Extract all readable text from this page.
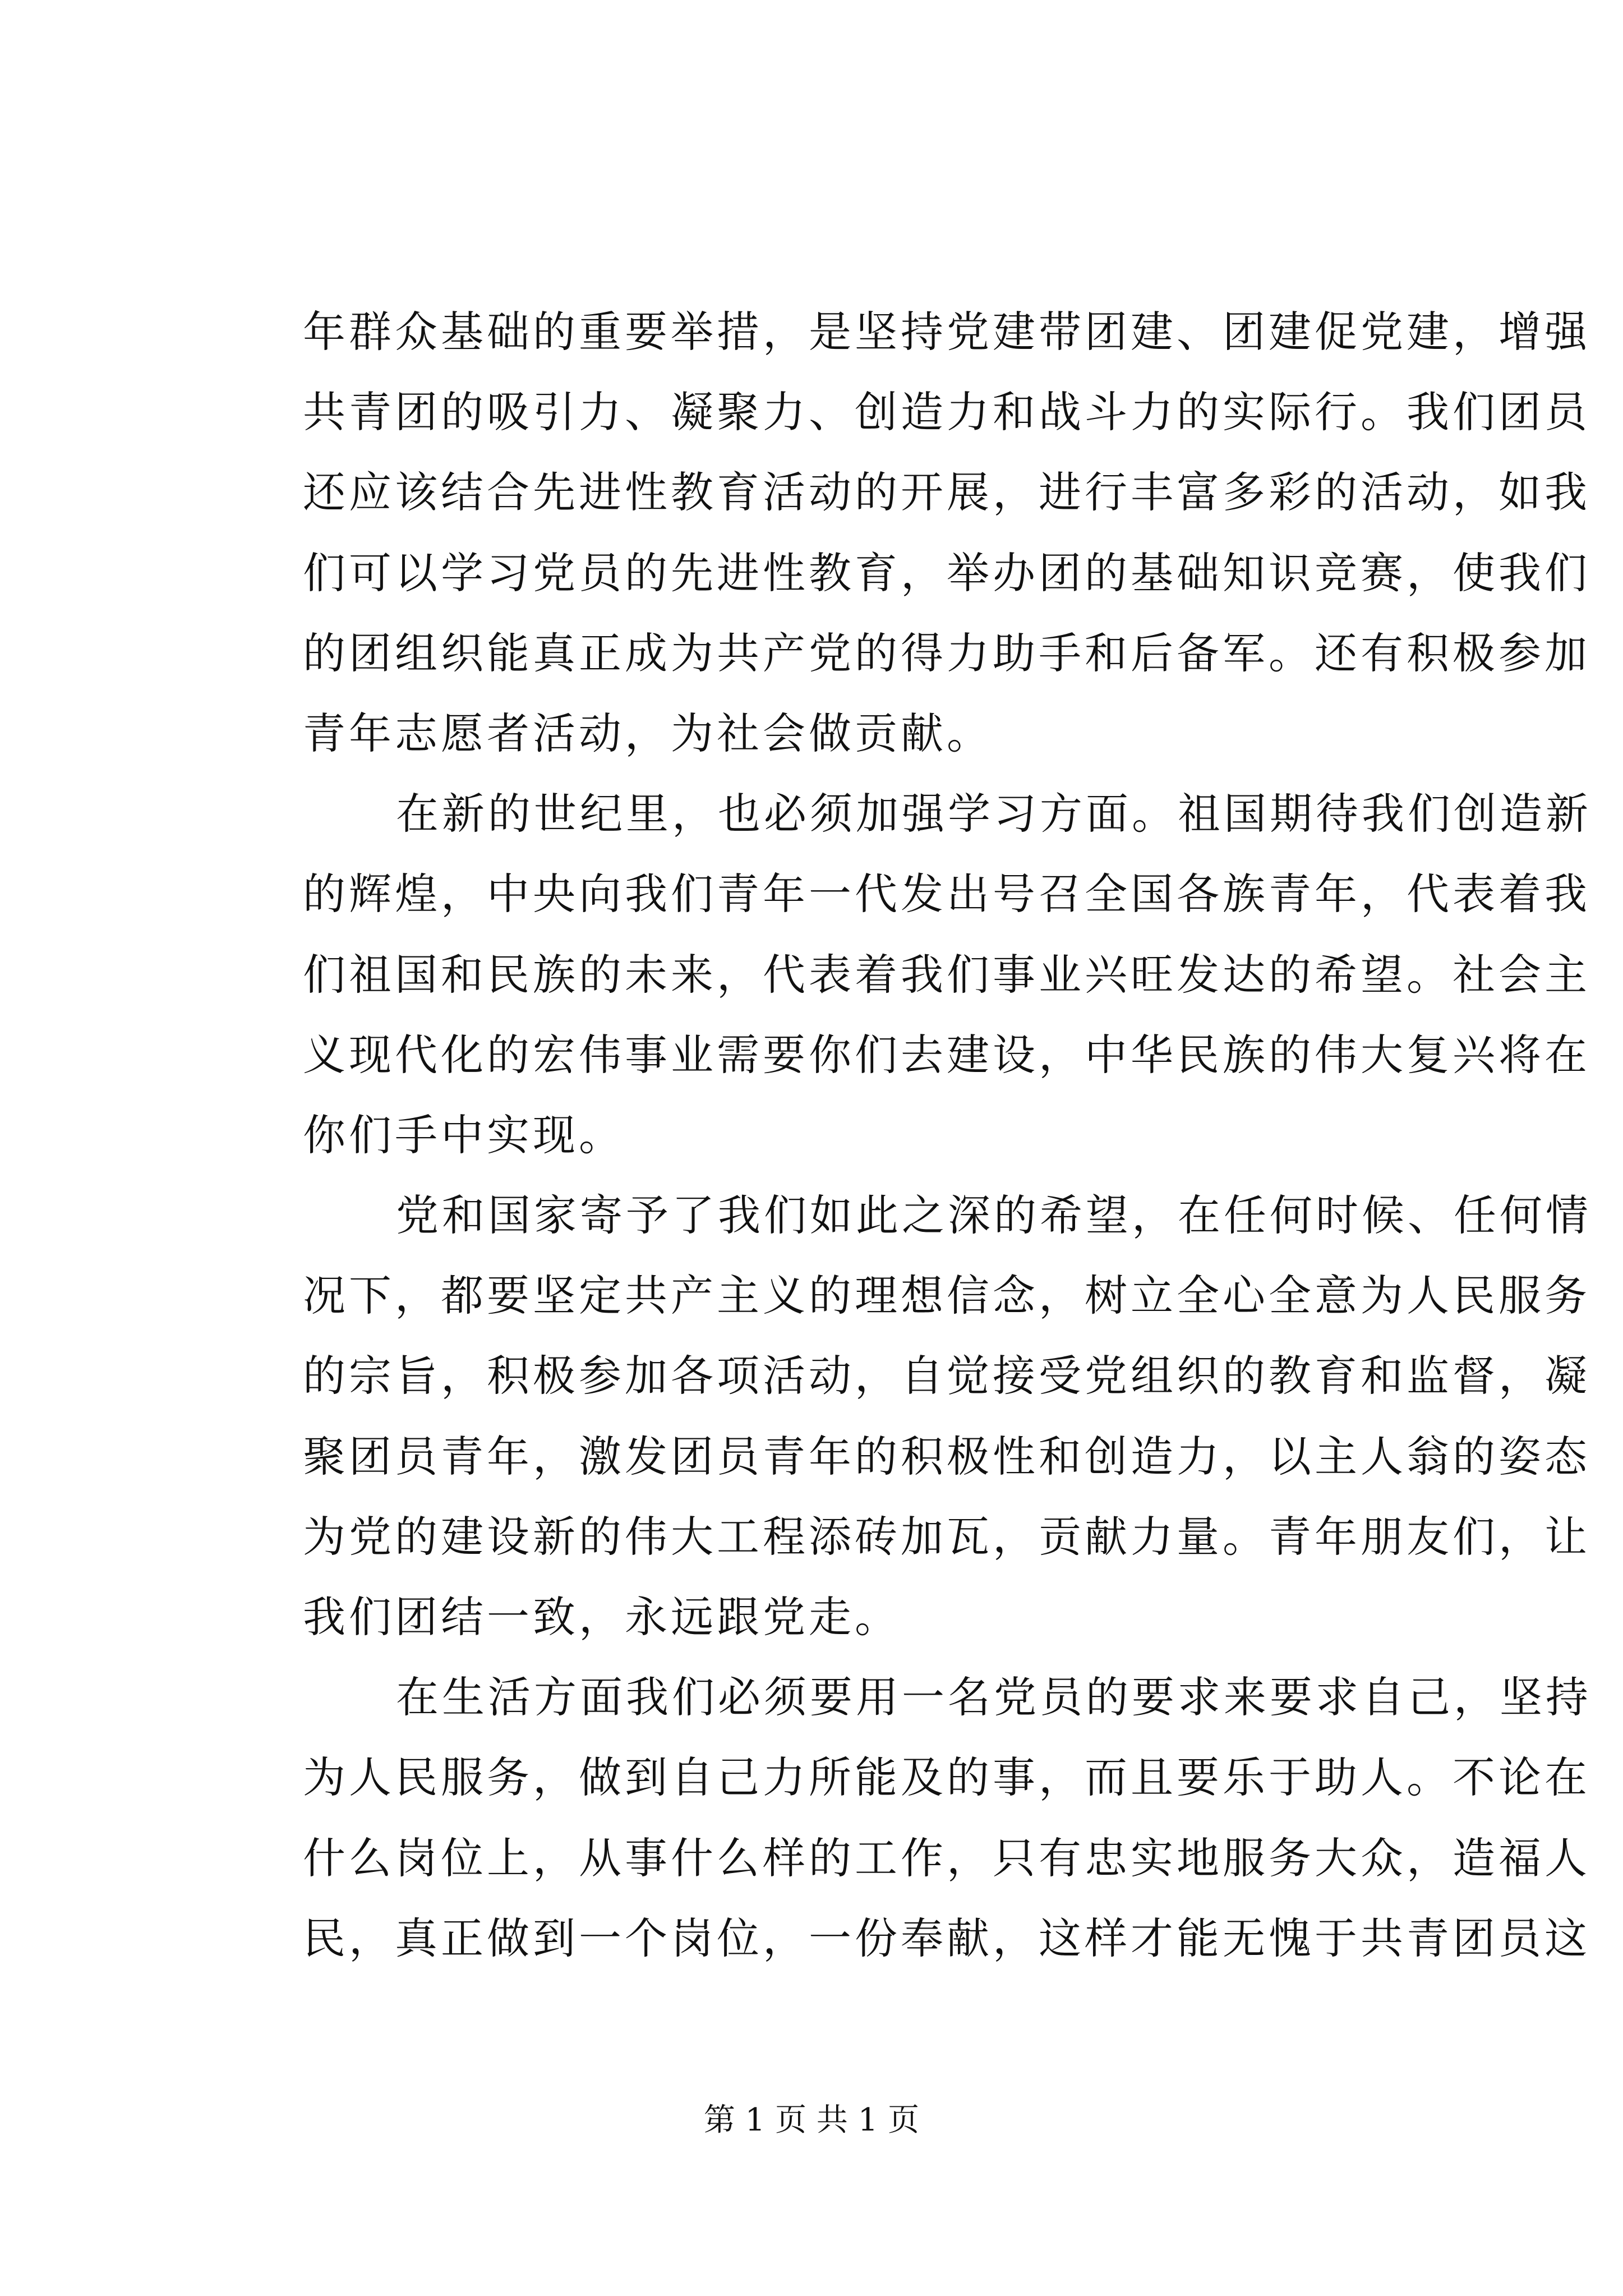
年群众基础的重要举措，是坚持党建带团建、团建促党建，增强
共青团的吸引力、凝聚力、创造力和战斗力的实际行。我们团员
还应该结合先进性教育活动的开展，进行丰富多彩的活动，如我
们可以学习党员的先进性教育，举办团的基础知识竞赛，使我们
的团组织能真正成为共产党的得力助手和后备军。还有积极参加
青年志愿者活动，为社会做贡献。
在新的世纪里，也必须加强学习方面。祖国期待我们创造新
的辉煌，中央向我们青年一代发出号召全国各族青年，代表着我
们祖国和民族的未来，代表着我们事业兴旺发达的希望。社会主
义现代化的宏伟事业需要你们去建设，中华民族的伟大复兴将在
你们手中实现。
党和国家寄予了我们如此之深的希望，在任何时候、任何情
况下，都要坚定共产主义的理想信念，树立全心全意为人民服务
的宗旨，积极参加各项活动，自觉接受党组织的教育和监督，凝
聚团员青年，激发团员青年的积极性和创造力，以主人翁的姿态
为党的建设新的伟大工程添砖加瓦，贡献力量。青年朋友们，让
我们团结一致，永远跟党走。
在生活方面我们必须要用一名党员的要求来要求自己，坚持
为人民服务，做到自己力所能及的事，而且要乐于助人。不论在
什么岗位上，从事什么样的工作，只有忠实地服务大众，造福人
民，真正做到一个岗位，一份奉献，这样才能无愧于共青团员这
第 1 页 共 1 页
